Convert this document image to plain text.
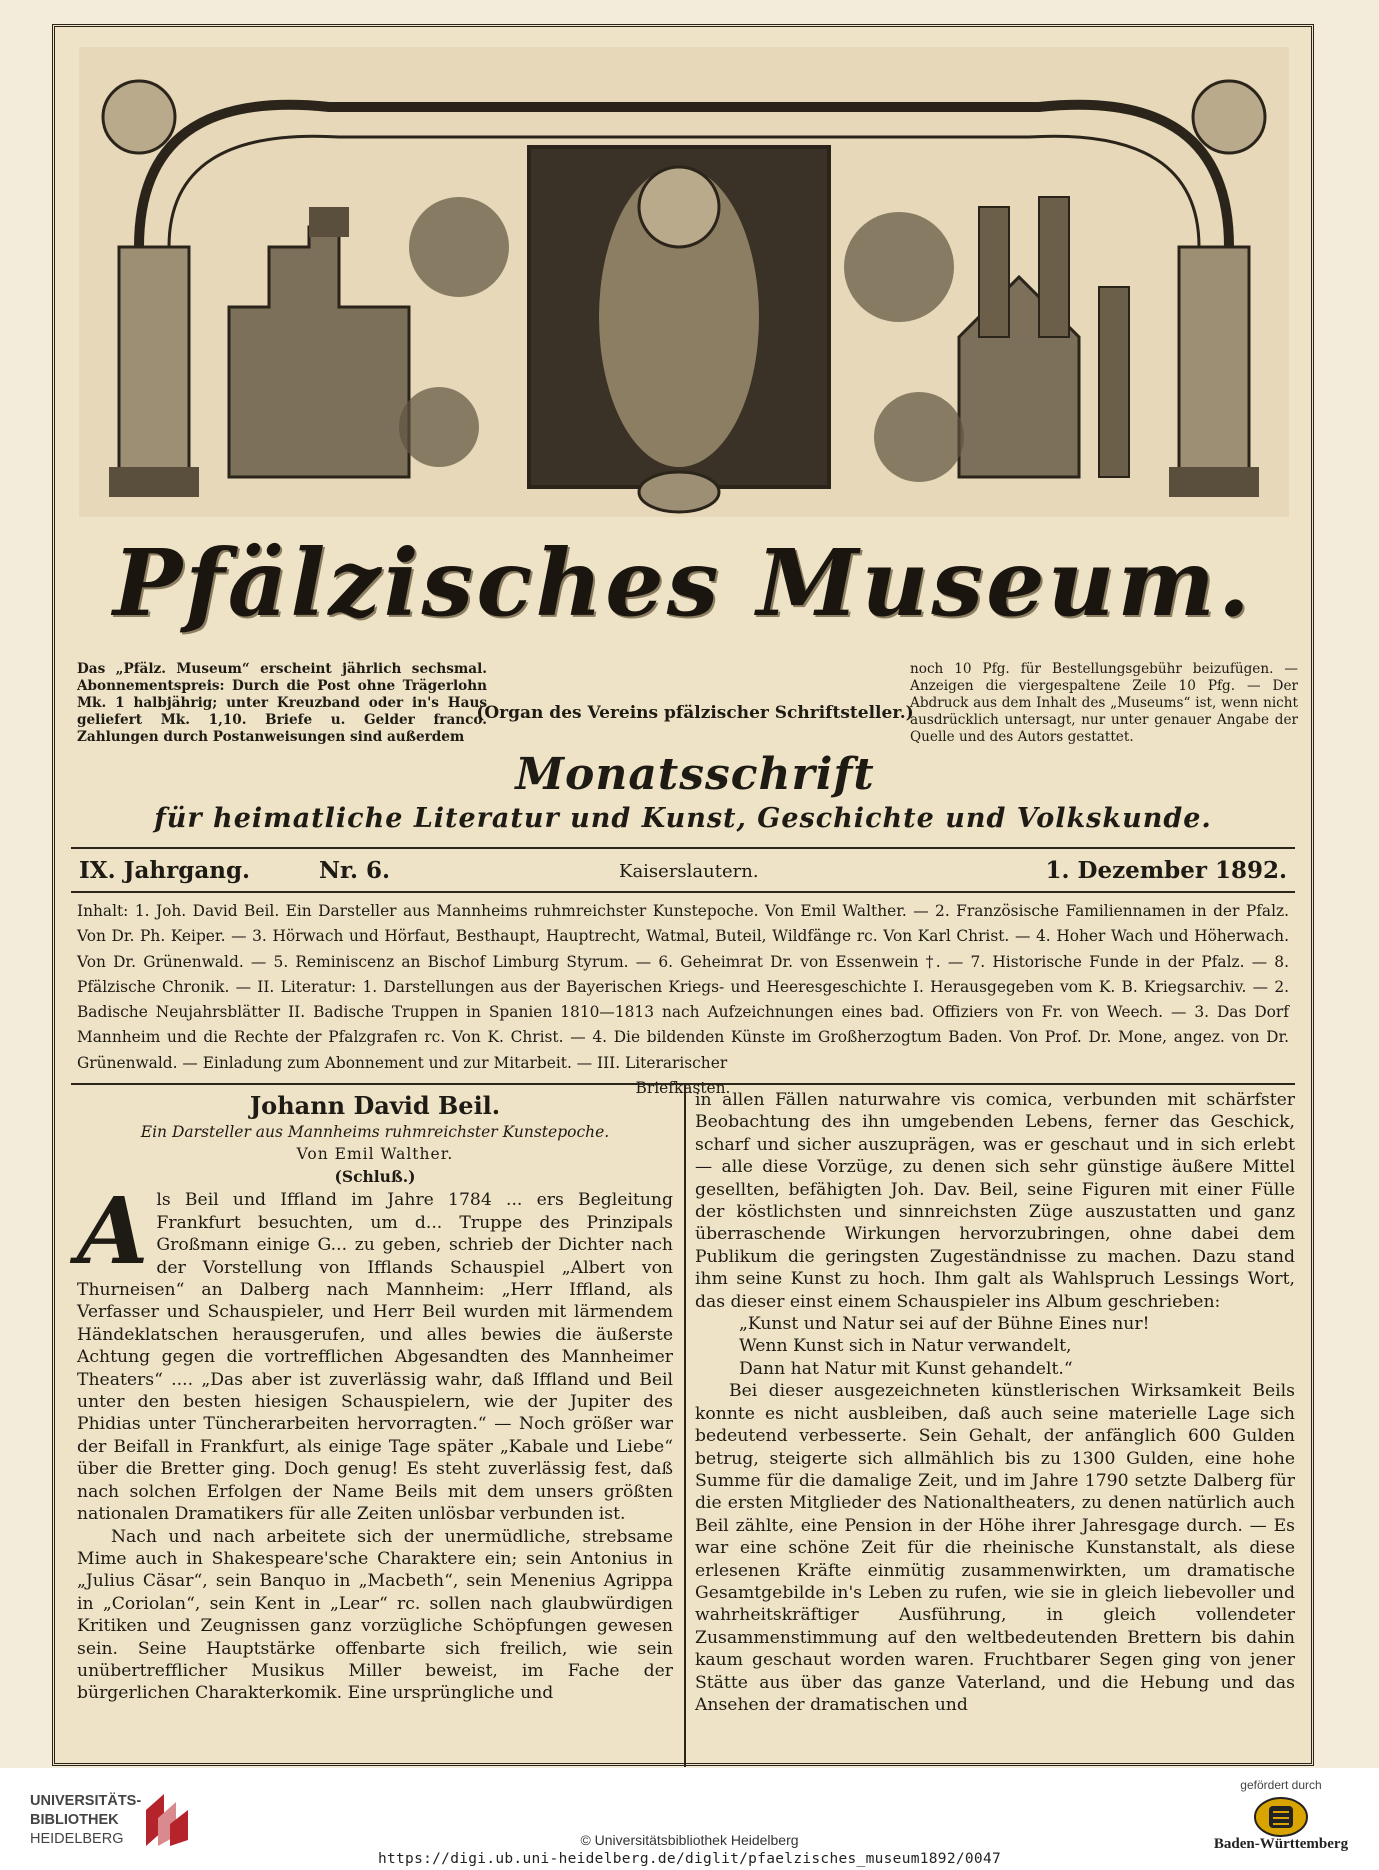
Pfälzisches Museum.
Das „Pfälz. Museum“ erscheint jährlich sechsmal. Abonnementspreis: Durch die Post ohne Trägerlohn Mk. 1 halbjährig; unter Kreuzband oder in's Haus geliefert Mk. 1,10. Briefe u. Gelder franco. Zahlungen durch Postanweisungen sind außerdem
(Organ des Vereins pfälzischer Schriftsteller.)
Monatsschrift
noch 10 Pfg. für Bestellungsgebühr beizufügen. — Anzeigen die viergespaltene Zeile 10 Pfg. — Der Abdruck aus dem Inhalt des „Museums“ ist, wenn nicht ausdrücklich untersagt, nur unter genauer Angabe der Quelle und des Autors gestattet.
für heimatliche Literatur und Kunst, Geschichte und Volkskunde.
IX. Jahrgang.	Nr. 6.	Kaiserslautern.	1. Dezember 1892.
Inhalt: 1. Joh. David Beil. Ein Darsteller aus Mannheims ruhmreichster Kunstepoche. Von Emil Walther. — 2. Französische Familiennamen in der Pfalz. Von Dr. Ph. Keiper. — 3. Hörwach und Hörfaut, Besthaupt, Hauptrecht, Watmal, Buteil, Wildfänge rc. Von Karl Christ. — 4. Hoher Wach und Höherwach. Von Dr. Grünenwald. — 5. Reminiscenz an Bischof Limburg Styrum. — 6. Geheimrat Dr. von Essenwein †. — 7. Historische Funde in der Pfalz. — 8. Pfälzische Chronik. — II. Literatur: 1. Darstellungen aus der Bayerischen Kriegs- und Heeresgeschichte I. Herausgegeben vom K. B. Kriegsarchiv. — 2. Badische Neujahrsblätter II. Badische Truppen in Spanien 1810—1813 nach Aufzeichnungen eines bad. Offiziers von Fr. von Weech. — 3. Das Dorf Mannheim und die Rechte der Pfalzgrafen rc. Von K. Christ. — 4. Die bildenden Künste im Großherzogtum Baden. Von Prof. Dr. Mone, angez. von Dr. Grünenwald. — Einladung zum Abonnement und zur Mitarbeit. — III. Literarischer
Briefkasten.
Johann David Beil.
Ein Darsteller aus Mannheims ruhmreichster Kunstepoche.
Von Emil Walther.
(Schluß.)

A ls Beil und Iffland im Jahre 1784 ... ers Begleitung Frankfurt besuchten, um d... Truppe des Prinzipals Großmann einige G... zu geben, schrieb der Dichter nach der Vorstellung von Ifflands Schauspiel „Albert von Thurneisen“ an Dalberg nach Mannheim: „Herr Iffland, als Verfasser und Schauspieler, und Herr Beil wurden mit lärmendem Händeklatschen herausgerufen, und alles bewies die äußerste Achtung gegen die vortrefflichen Abgesandten des Mannheimer Theaters“ .... „Das aber ist zuverlässig wahr, daß Iffland und Beil unter den besten hiesigen Schauspielern, wie der Jupiter des Phidias unter Tüncherarbeiten hervorragten.“ — Noch größer war der Beifall in Frankfurt, als einige Tage später „Kabale und Liebe“ über die Bretter ging. Doch genug! Es steht zuverlässig fest, daß nach solchen Erfolgen der Name Beils mit dem unsers größten nationalen Dramatikers für alle Zeiten unlösbar verbunden ist.

Nach und nach arbeitete sich der unermüdliche, strebsame Mime auch in Shakespeare'sche Charaktere ein; sein Antonius in „Julius Cäsar“, sein Banquo in „Macbeth“, sein Menenius Agrippa in „Coriolan“, sein Kent in „Lear“ rc. sollen nach glaubwürdigen Kritiken und Zeugnissen ganz vorzügliche Schöpfungen gewesen sein. Seine Hauptstärke offenbarte sich freilich, wie sein unübertrefflicher Musikus Miller beweist, im Fache der bürgerlichen Charakterkomik. Eine ursprüngliche und

in allen Fällen naturwahre vis comica, verbunden mit schärfster Beobachtung des ihn umgebenden Lebens, ferner das Geschick, scharf und sicher auszuprägen, was er geschaut und in sich erlebt — alle diese Vorzüge, zu denen sich sehr günstige äußere Mittel gesellten, befähigten Joh. Dav. Beil, seine Figuren mit einer Fülle der köstlichsten und sinnreichsten Züge auszustatten und ganz überraschende Wirkungen hervorzubringen, ohne dabei dem Publikum die geringsten Zugeständnisse zu machen. Dazu stand ihm seine Kunst zu hoch. Ihm galt als Wahlspruch Lessings Wort, das dieser einst einem Schauspieler ins Album geschrieben:

„Kunst und Natur sei auf der Bühne Eines nur!

Wenn Kunst sich in Natur verwandelt,

Dann hat Natur mit Kunst gehandelt.“

Bei dieser ausgezeichneten künstlerischen Wirksamkeit Beils konnte es nicht ausbleiben, daß auch seine materielle Lage sich bedeutend verbesserte. Sein Gehalt, der anfänglich 600 Gulden betrug, steigerte sich allmählich bis zu 1300 Gulden, eine hohe Summe für die damalige Zeit, und im Jahre 1790 setzte Dalberg für die ersten Mitglieder des Nationaltheaters, zu denen natürlich auch Beil zählte, eine Pension in der Höhe ihrer Jahresgage durch. — Es war eine schöne Zeit für die rheinische Kunstanstalt, als diese erlesenen Kräfte einmütig zusammenwirkten, um dramatische Gesamtgebilde in's Leben zu rufen, wie sie in gleich liebevoller und wahrheitskräftiger Ausführung, in gleich vollendeter Zusammenstimmung auf den weltbedeutenden Brettern bis dahin kaum geschaut worden waren. Fruchtbarer Segen ging von jener Stätte aus über das ganze Vaterland, und die Hebung und das Ansehen der dramatischen und

UNIVERSITÄTS-
BIBLIOTHEK
HEIDELBERG	© Universitätsbibliothek Heidelberg
https://digi.ub.uni-heidelberg.de/diglit/pfaelzisches_museum1892/0047
gefördert durch
Baden-Württemberg
